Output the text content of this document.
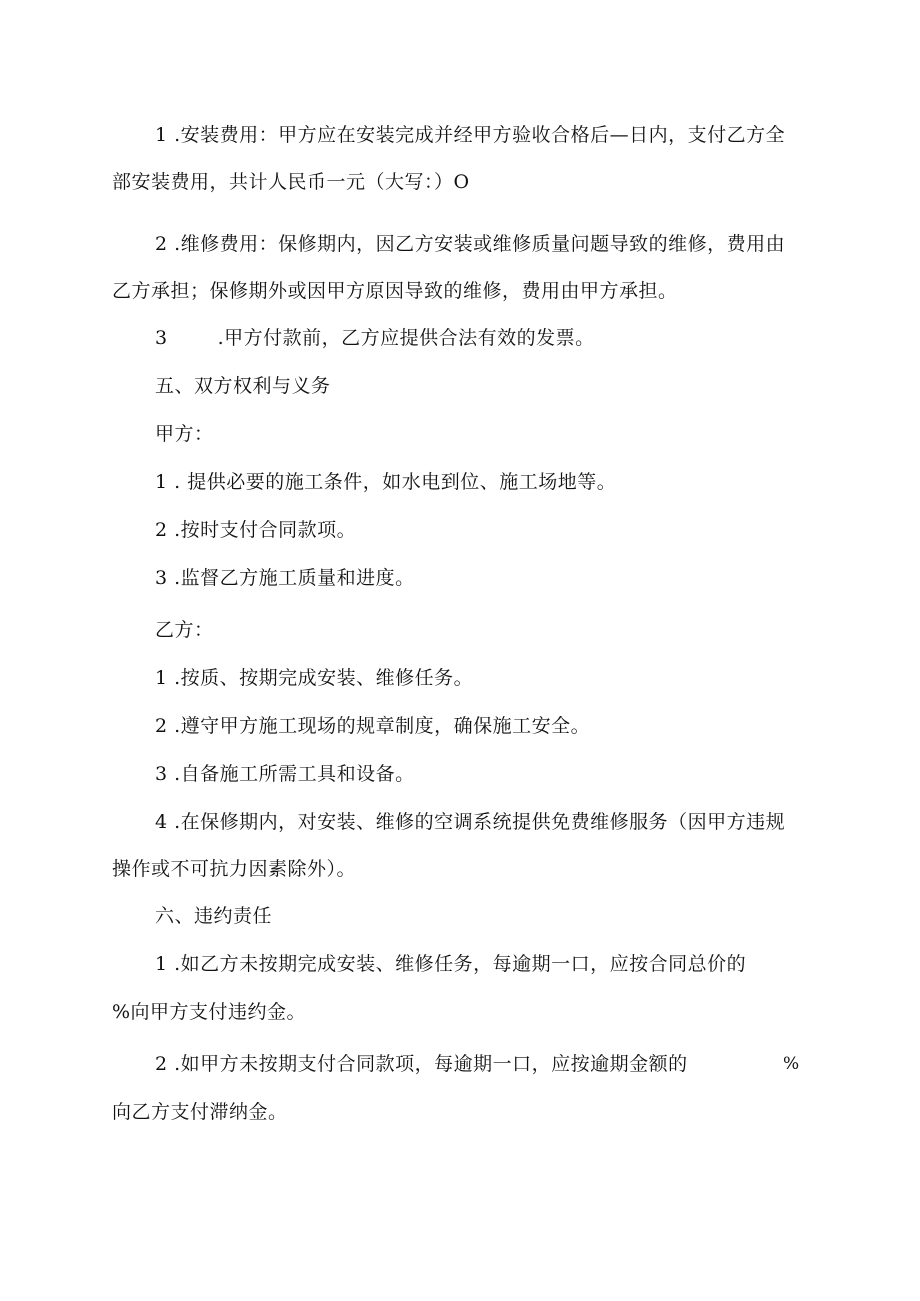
1 .安装费用：甲方应在安装完成并经甲方验收合格后—日内，支付乙方全
部安装费用，共计人民币一元（大写：）O
2 .维修费用：保修期内，因乙方安装或维修质量问题导致的维修，费用由
乙方承担；保修期外或因甲方原因导致的维修，费用由甲方承担。
3	.甲方付款前，乙方应提供合法有效的发票。
五、双方权利与义务
甲方：
1 . 提供必要的施工条件，如水电到位、施工场地等。
2 .按时支付合同款项。
3 .监督乙方施工质量和进度。
乙方：
1 .按质、按期完成安装、维修任务。
2 .遵守甲方施工现场的规章制度，确保施工安全。
3 .自备施工所需工具和设备。
4 .在保修期内，对安装、维修的空调系统提供免费维修服务（因甲方违规
操作或不可抗力因素除外）。
六、违约责任
1 .如乙方未按期完成安装、维修任务，每逾期一口，应按合同总价的
%向甲方支付违约金。
2 .如甲方未按期支付合同款项，每逾期一口，应按逾期金额的	%
向乙方支付滞纳金。
